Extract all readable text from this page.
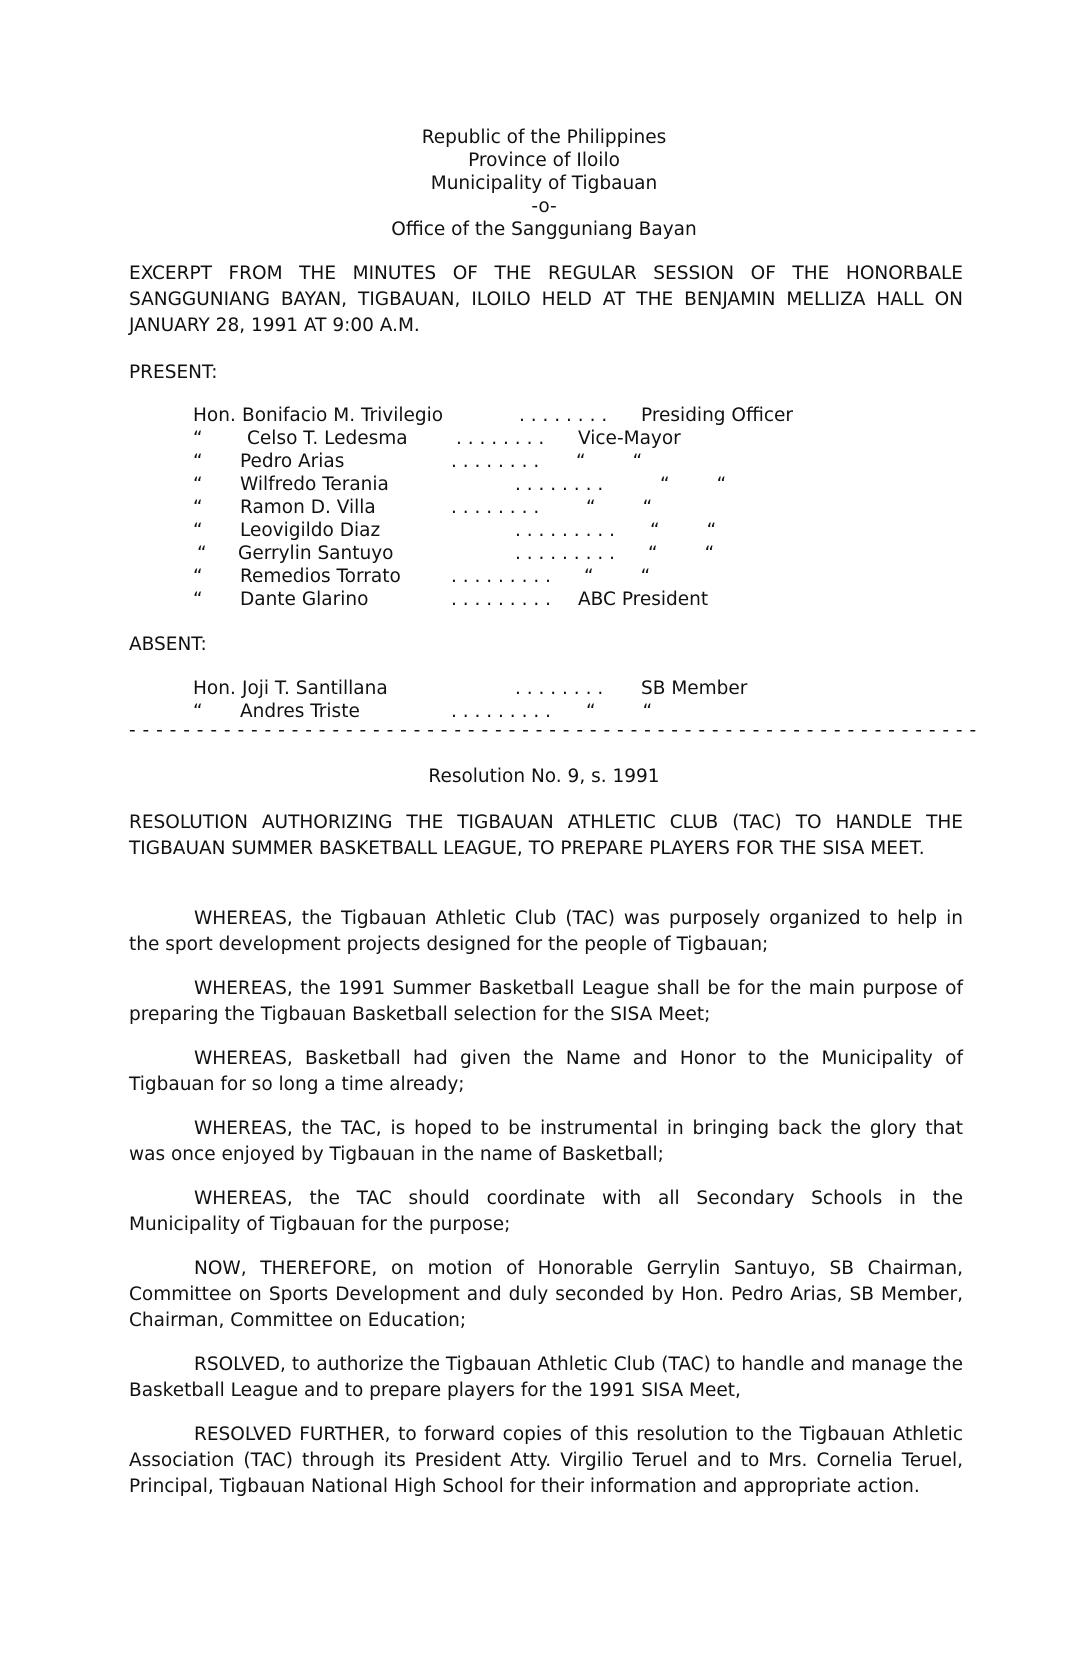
Republic of the Philippines
Province of Iloilo
Municipality of Tigbauan
-o-
Office of the Sangguniang Bayan
EXCERPT FROM THE MINUTES OF THE REGULAR SESSION OF THE HONORBALE SANGGUNIANG BAYAN, TIGBAUAN, ILOILO HELD AT THE BENJAMIN MELLIZA HALL ON JANUARY 28, 1991 AT 9:00 A.M.
PRESENT:
Hon. Bonifacio M. Trivilegio	. . . . . . . . Presiding Officer
“ Celso T. Ledesma	. . . . . . . . Vice-Mayor
“ Pedro Arias	. . . . . . . . “        “
“ Wilfredo Terania	. . . . . . . .	“        “
“ Ramon D. Villa	. . . . . . . .	“        “
“ Leovigildo Diaz	. . . . . . . . . “        “
“ Gerrylin Santuyo	. . . . . . . . . “        “
“ Remedios Torrato	. . . . . . . . . “        “
“ Dante Glarino	. . . . . . . . . ABC President
ABSENT:
Hon. Joji T. Santillana	. . . . . . . . SB Member
“ Andres Triste	. . . . . . . . . “        “
- - - - - - - - - - - - - - - - - - - - - - - - - - - - - - - - - - - - - - - - - - - - - - - - - - - - - - - - - - - - - - -
Resolution No. 9, s. 1991
RESOLUTION AUTHORIZING THE TIGBAUAN ATHLETIC CLUB (TAC) TO HANDLE THE TIGBAUAN SUMMER BASKETBALL LEAGUE, TO PREPARE PLAYERS FOR THE SISA MEET.
WHEREAS, the Tigbauan Athletic Club (TAC) was purposely organized to help in the sport development projects designed for the people of Tigbauan;
WHEREAS, the 1991 Summer Basketball League shall be for the main purpose of preparing the Tigbauan Basketball selection for the SISA Meet;
WHEREAS, Basketball had given the Name and Honor to the Municipality of Tigbauan for so long a time already;
WHEREAS, the TAC, is hoped to be instrumental in bringing back the glory that was once enjoyed by Tigbauan in the name of Basketball;
WHEREAS, the TAC should coordinate with all Secondary Schools in the Municipality of Tigbauan for the purpose;
NOW, THEREFORE, on motion of Honorable Gerrylin Santuyo, SB Chairman, Committee on Sports Development and duly seconded by Hon. Pedro Arias, SB Member, Chairman, Committee on Education;
RSOLVED, to authorize the Tigbauan Athletic Club (TAC) to handle and manage the Basketball League and to prepare players for the 1991 SISA Meet,
RESOLVED FURTHER, to forward copies of this resolution to the Tigbauan Athletic Association (TAC) through its President Atty. Virgilio Teruel and to Mrs. Cornelia Teruel, Principal, Tigbauan National High School for their information and appropriate action.
